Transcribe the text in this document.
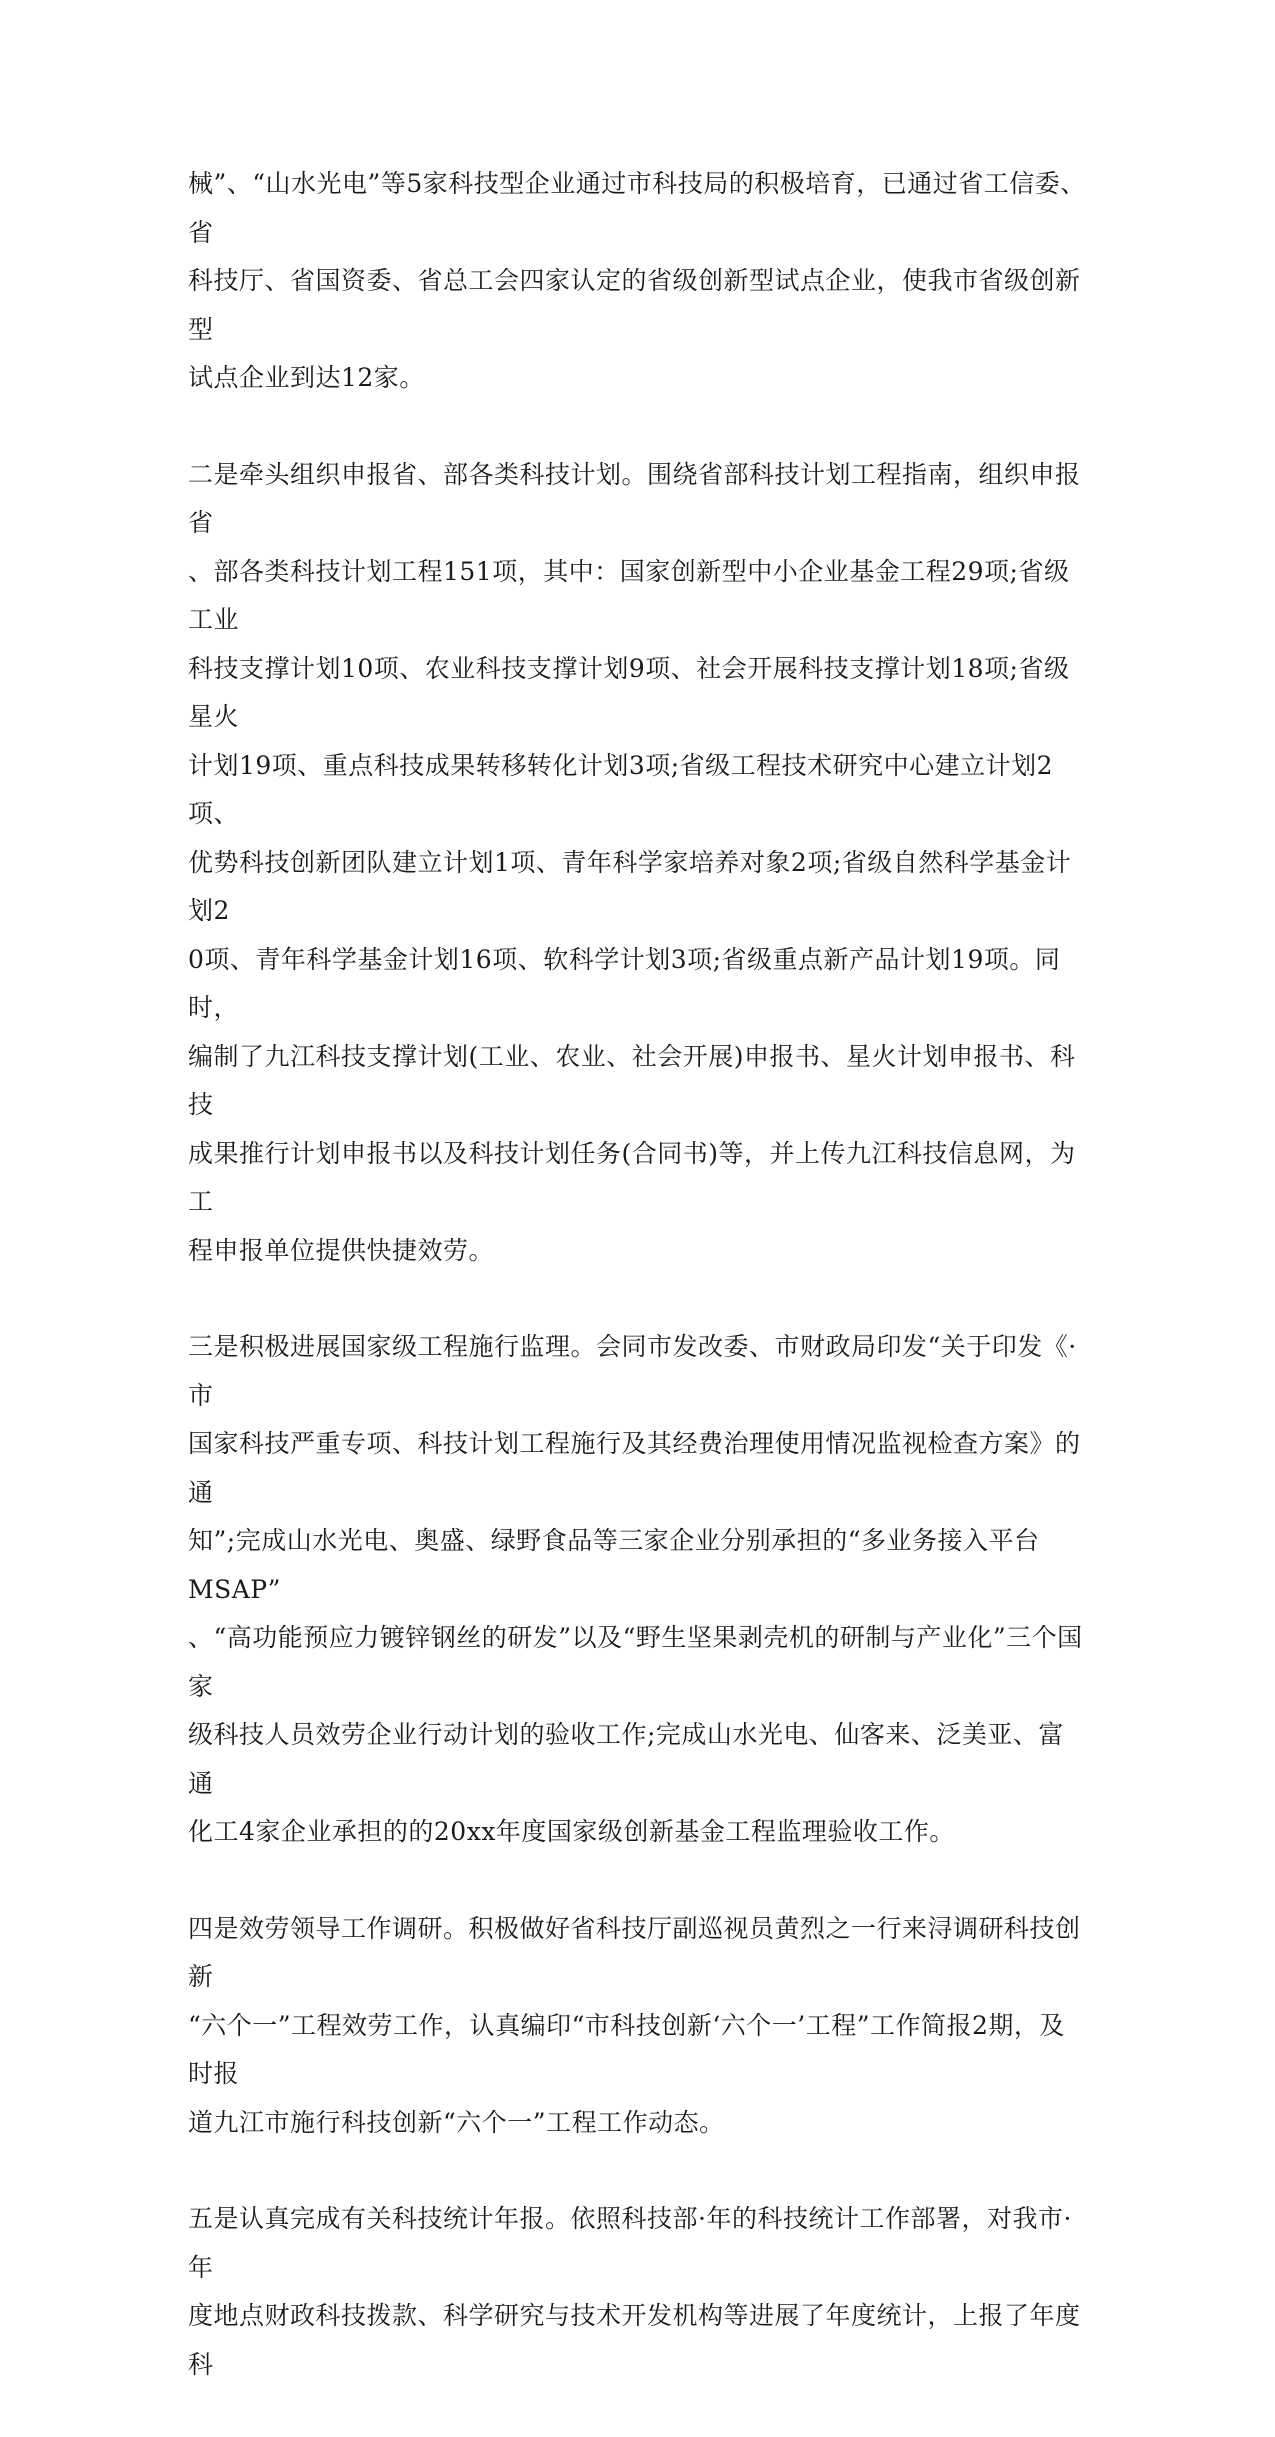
械”、“山水光电”等5家科技型企业通过市科技局的积极培育，已通过省工信委、省
科技厅、省国资委、省总工会四家认定的省级创新型试点企业，使我市省级创新型
试点企业到达12家。

二是牵头组织申报省、部各类科技计划。围绕省部科技计划工程指南，组织申报省
、部各类科技计划工程151项，其中：国家创新型中小企业基金工程29项;省级工业
科技支撑计划10项、农业科技支撑计划9项、社会开展科技支撑计划18项;省级星火
计划19项、重点科技成果转移转化计划3项;省级工程技术研究中心建立计划2项、
优势科技创新团队建立计划1项、青年科学家培养对象2项;省级自然科学基金计划2
0项、青年科学基金计划16项、软科学计划3项;省级重点新产品计划19项。同时，
编制了九江科技支撑计划(工业、农业、社会开展)申报书、星火计划申报书、科技
成果推行计划申报书以及科技计划任务(合同书)等，并上传九江科技信息网，为工
程申报单位提供快捷效劳。

三是积极进展国家级工程施行监理。会同市发改委、市财政局印发“关于印发《·市
国家科技严重专项、科技计划工程施行及其经费治理使用情况监视检查方案》的通
知”;完成山水光电、奥盛、绿野食品等三家企业分别承担的“多业务接入平台MSAP”
、“高功能预应力镀锌钢丝的研发”以及“野生坚果剥壳机的研制与产业化”三个国家
级科技人员效劳企业行动计划的验收工作;完成山水光电、仙客来、泛美亚、富通
化工4家企业承担的的20xx年度国家级创新基金工程监理验收工作。

四是效劳领导工作调研。积极做好省科技厅副巡视员黄烈之一行来浔调研科技创新
“六个一”工程效劳工作，认真编印“市科技创新‘六个一’工程”工作简报2期，及时报
道九江市施行科技创新“六个一”工程工作动态。

五是认真完成有关科技统计年报。依照科技部·年的科技统计工作部署，对我市·年
度地点财政科技拨款、科学研究与技术开发机构等进展了年度统计，上报了年度科
